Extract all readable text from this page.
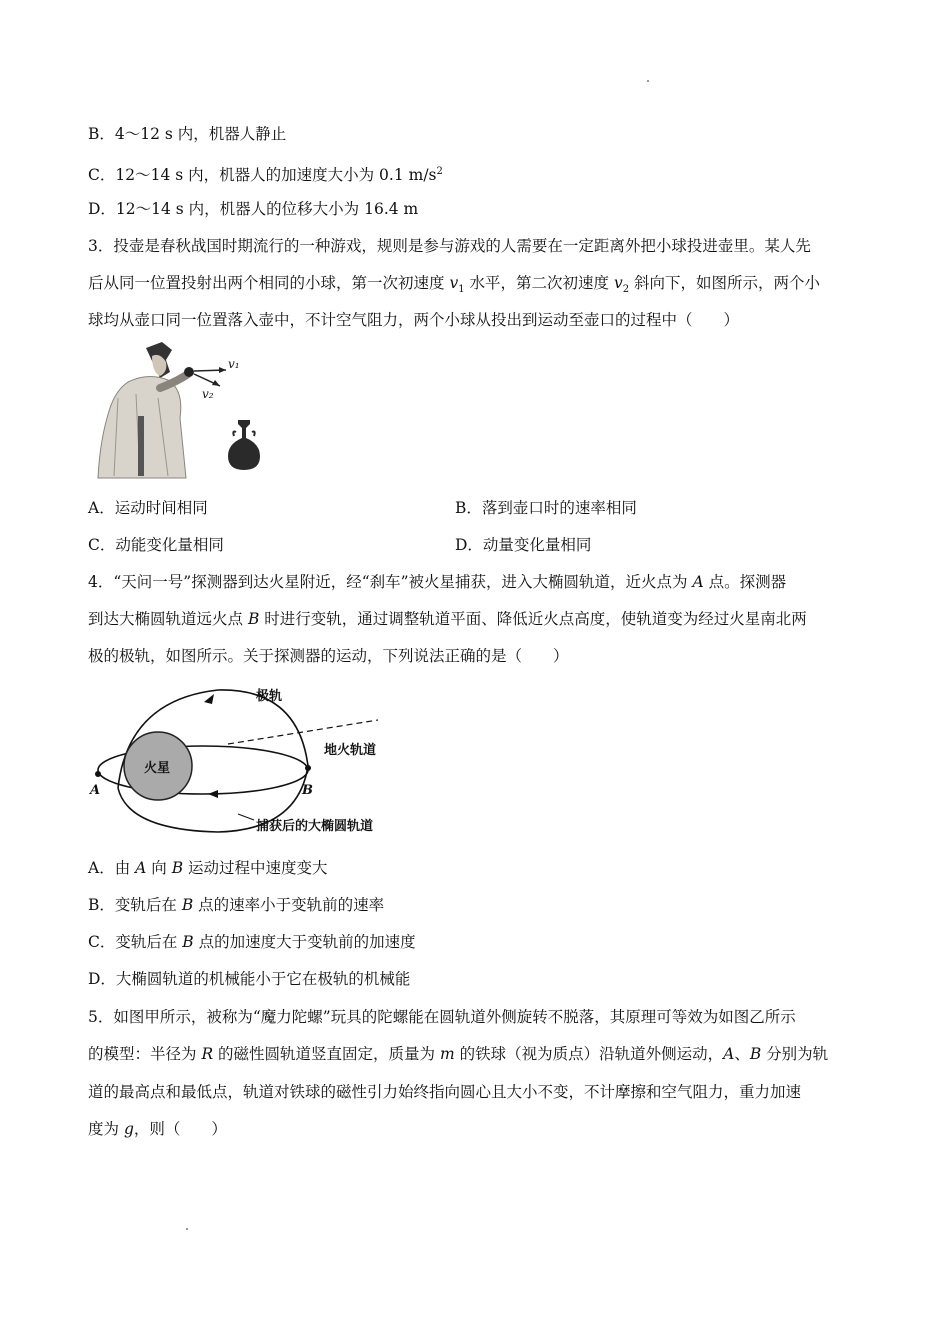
B．4～12 s 内，机器人静止
C．12～14 s 内，机器人的加速度大小为 0.1 $m/s^2$
D．12～14 s 内，机器人的位移大小为 16.4 m
3．投壶是春秋战国时期流行的一种游戏，规则是参与游戏的人需要在一定距离外把小球投进壶里。某人先
后从同一位置投射出两个相同的小球，第一次初速度 $v_1$ 水平，第二次初速度 $v_2$ 斜向下，如图所示，两个小
球均从壶口同一位置落入壶中，不计空气阻力，两个小球从投出到运动至壶口的过程中（　　）
v₁
v₂
A．运动时间相同	B．落到壶口时的速率相同
C．动能变化量相同	D．动量变化量相同
4．“天问一号”探测器到达火星附近，经“刹车”被火星捕获，进入大椭圆轨道，近火点为 A 点。探测器
到达大椭圆轨道远火点 B 时进行变轨，通过调整轨道平面、降低近火点高度，使轨道变为经过火星南北两
极的极轨，如图所示。关于探测器的运动，下列说法正确的是（　　）
火星
极轨
地火轨道
A	B
捕获后的大椭圆轨道
A．由 A 向 B 运动过程中速度变大
B．变轨后在 B 点的速率小于变轨前的速率
C．变轨后在 B 点的加速度大于变轨前的加速度
D．大椭圆轨道的机械能小于它在极轨的机械能
5．如图甲所示，被称为“魔力陀螺”玩具的陀螺能在圆轨道外侧旋转不脱落，其原理可等效为如图乙所示
的模型：半径为 R 的磁性圆轨道竖直固定，质量为 m 的铁球（视为质点）沿轨道外侧运动，A、B 分别为轨
道的最高点和最低点，轨道对铁球的磁性引力始终指向圆心且大小不变，不计摩擦和空气阻力，重力加速
度为 g，则（　　）
